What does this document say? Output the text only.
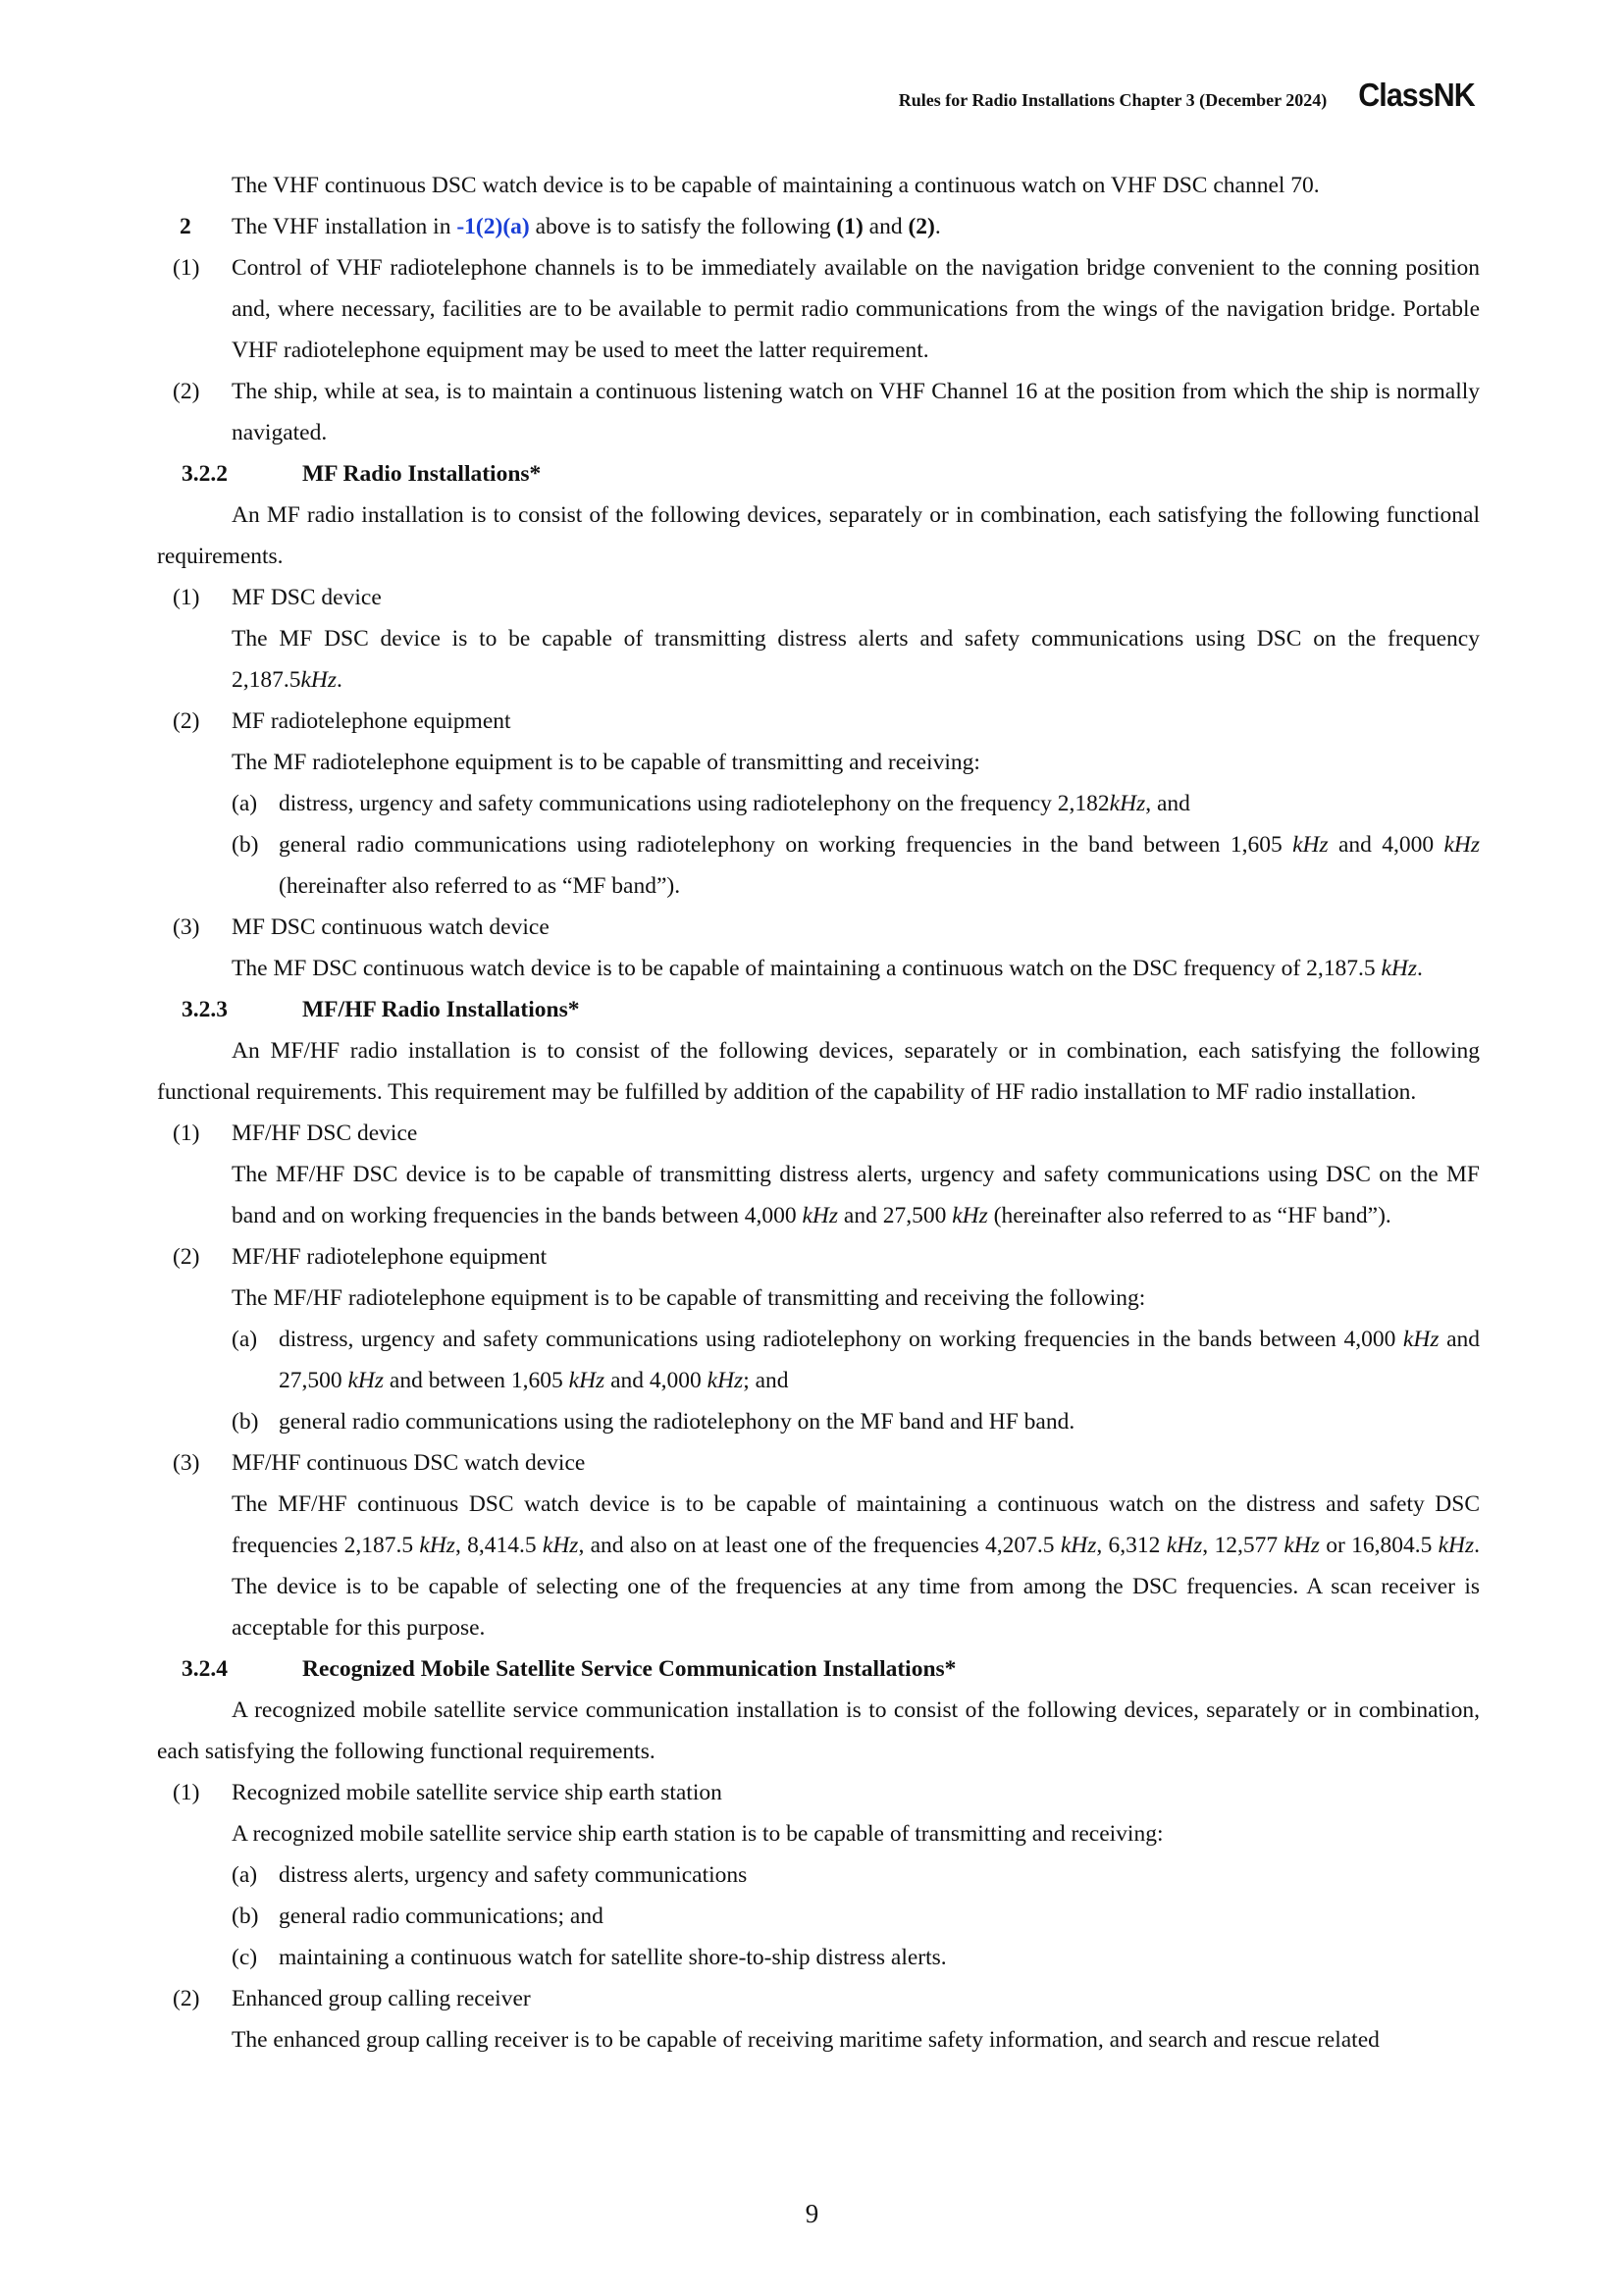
Rules for Radio Installations Chapter 3 (December 2024) ClassNK

The VHF continuous DSC watch device is to be capable of maintaining a continuous watch on VHF DSC channel 70.

2 The VHF installation in -1(2)(a) above is to satisfy the following (1) and (2).

(1) Control of VHF radiotelephone channels is to be immediately available on the navigation bridge convenient to the conning position and, where necessary, facilities are to be available to permit radio communications from the wings of the navigation bridge. Portable VHF radiotelephone equipment may be used to meet the latter requirement.

(2) The ship, while at sea, is to maintain a continuous listening watch on VHF Channel 16 at the position from which the ship is normally navigated.

3.2.2	MF Radio Installations*

An MF radio installation is to consist of the following devices, separately or in combination, each satisfying the following functional requirements.

(1) MF DSC device

The MF DSC device is to be capable of transmitting distress alerts and safety communications using DSC on the frequency 2,187.5kHz.

(2) MF radiotelephone equipment

The MF radiotelephone equipment is to be capable of transmitting and receiving:

(a) distress, urgency and safety communications using radiotelephony on the frequency 2,182kHz, and

(b) general radio communications using radiotelephony on working frequencies in the band between 1,605 kHz and 4,000 kHz (hereinafter also referred to as “MF band”).

(3) MF DSC continuous watch device

The MF DSC continuous watch device is to be capable of maintaining a continuous watch on the DSC frequency of 2,187.5 kHz.

3.2.3	MF/HF Radio Installations*

An MF/HF radio installation is to consist of the following devices, separately or in combination, each satisfying the following functional requirements. This requirement may be fulfilled by addition of the capability of HF radio installation to MF radio installation.

(1) MF/HF DSC device

The MF/HF DSC device is to be capable of transmitting distress alerts, urgency and safety communications using DSC on the MF band and on working frequencies in the bands between 4,000 kHz and 27,500 kHz (hereinafter also referred to as “HF band”).

(2) MF/HF radiotelephone equipment

The MF/HF radiotelephone equipment is to be capable of transmitting and receiving the following:

(a) distress, urgency and safety communications using radiotelephony on working frequencies in the bands between 4,000 kHz and 27,500 kHz and between 1,605 kHz and 4,000 kHz; and

(b) general radio communications using the radiotelephony on the MF band and HF band.

(3) MF/HF continuous DSC watch device

The MF/HF continuous DSC watch device is to be capable of maintaining a continuous watch on the distress and safety DSC frequencies 2,187.5 kHz, 8,414.5 kHz, and also on at least one of the frequencies 4,207.5 kHz, 6,312 kHz, 12,577 kHz or 16,804.5 kHz. The device is to be capable of selecting one of the frequencies at any time from among the DSC frequencies. A scan receiver is acceptable for this purpose.

3.2.4	Recognized Mobile Satellite Service Communication Installations*

A recognized mobile satellite service communication installation is to consist of the following devices, separately or in combination, each satisfying the following functional requirements.

(1) Recognized mobile satellite service ship earth station

A recognized mobile satellite service ship earth station is to be capable of transmitting and receiving:

(a) distress alerts, urgency and safety communications

(b) general radio communications; and

(c) maintaining a continuous watch for satellite shore-to-ship distress alerts.

(2) Enhanced group calling receiver

The enhanced group calling receiver is to be capable of receiving maritime safety information, and search and rescue related

9
